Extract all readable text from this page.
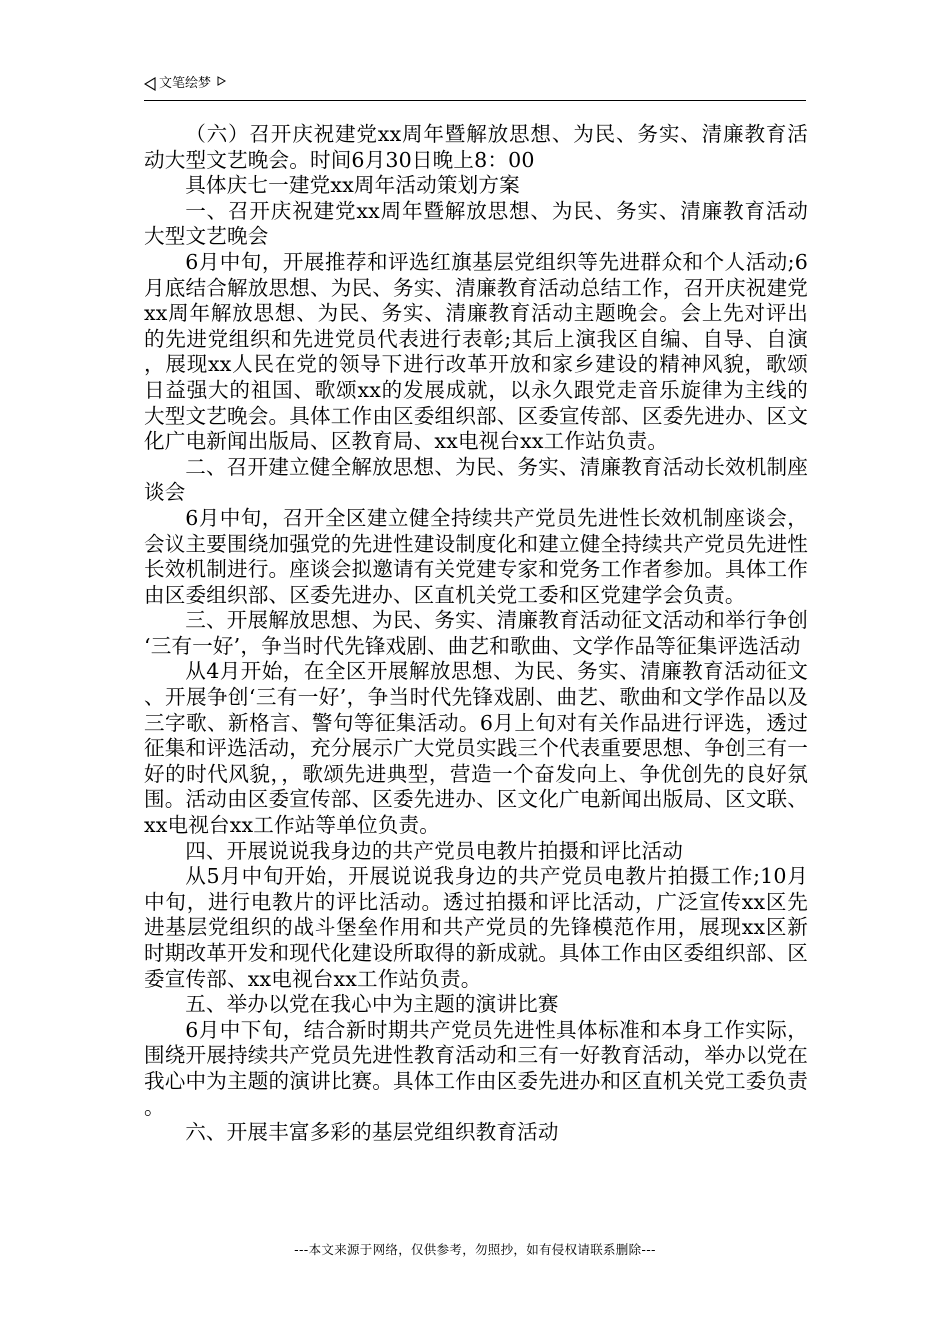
文笔绘梦

（六）召开庆祝建党xx周年暨解放思想、为民、务实、清廉教育活动大型文艺晚会。时间6月30日晚上8：00

具体庆七一建党xx周年活动策划方案

一、召开庆祝建党xx周年暨解放思想、为民、务实、清廉教育活动大型文艺晚会

6月中旬，开展推荐和评选红旗基层党组织等先进群众和个人活动;6月底结合解放思想、为民、务实、清廉教育活动总结工作，召开庆祝建党xx周年解放思想、为民、务实、清廉教育活动主题晚会。会上先对评出的先进党组织和先进党员代表进行表彰;其后上演我区自编、自导、自演，展现xx人民在党的领导下进行改革开放和家乡建设的精神风貌，歌颂日益强大的祖国、歌颂xx的发展成就，以永久跟党走音乐旋律为主线的大型文艺晚会。具体工作由区委组织部、区委宣传部、区委先进办、区文化广电新闻出版局、区教育局、xx电视台xx工作站负责。

二、召开建立健全解放思想、为民、务实、清廉教育活动长效机制座谈会

6月中旬，召开全区建立健全持续共产党员先进性长效机制座谈会，会议主要围绕加强党的先进性建设制度化和建立健全持续共产党员先进性长效机制进行。座谈会拟邀请有关党建专家和党务工作者参加。具体工作由区委组织部、区委先进办、区直机关党工委和区党建学会负责。

三、开展解放思想、为民、务实、清廉教育活动征文活动和举行争创‘三有一好’，争当时代先锋戏剧、曲艺和歌曲、文学作品等征集评选活动

从4月开始，在全区开展解放思想、为民、务实、清廉教育活动征文、开展争创‘三有一好’，争当时代先锋戏剧、曲艺、歌曲和文学作品以及三字歌、新格言、警句等征集活动。6月上旬对有关作品进行评选，透过征集和评选活动，充分展示广大党员实践三个代表重要思想、争创三有一好的时代风貌，，歌颂先进典型，营造一个奋发向上、争优创先的良好氛围。活动由区委宣传部、区委先进办、区文化广电新闻出版局、区文联、xx电视台xx工作站等单位负责。

四、开展说说我身边的共产党员电教片拍摄和评比活动

从5月中旬开始，开展说说我身边的共产党员电教片拍摄工作;10月中旬，进行电教片的评比活动。透过拍摄和评比活动，广泛宣传xx区先进基层党组织的战斗堡垒作用和共产党员的先锋模范作用，展现xx区新时期改革开发和现代化建设所取得的新成就。具体工作由区委组织部、区委宣传部、xx电视台xx工作站负责。

五、举办以党在我心中为主题的演讲比赛

6月中下旬，结合新时期共产党员先进性具体标准和本身工作实际，围绕开展持续共产党员先进性教育活动和三有一好教育活动，举办以党在我心中为主题的演讲比赛。具体工作由区委先进办和区直机关党工委负责。

六、开展丰富多彩的基层党组织教育活动

---本文来源于网络，仅供参考，勿照抄，如有侵权请联系删除---
